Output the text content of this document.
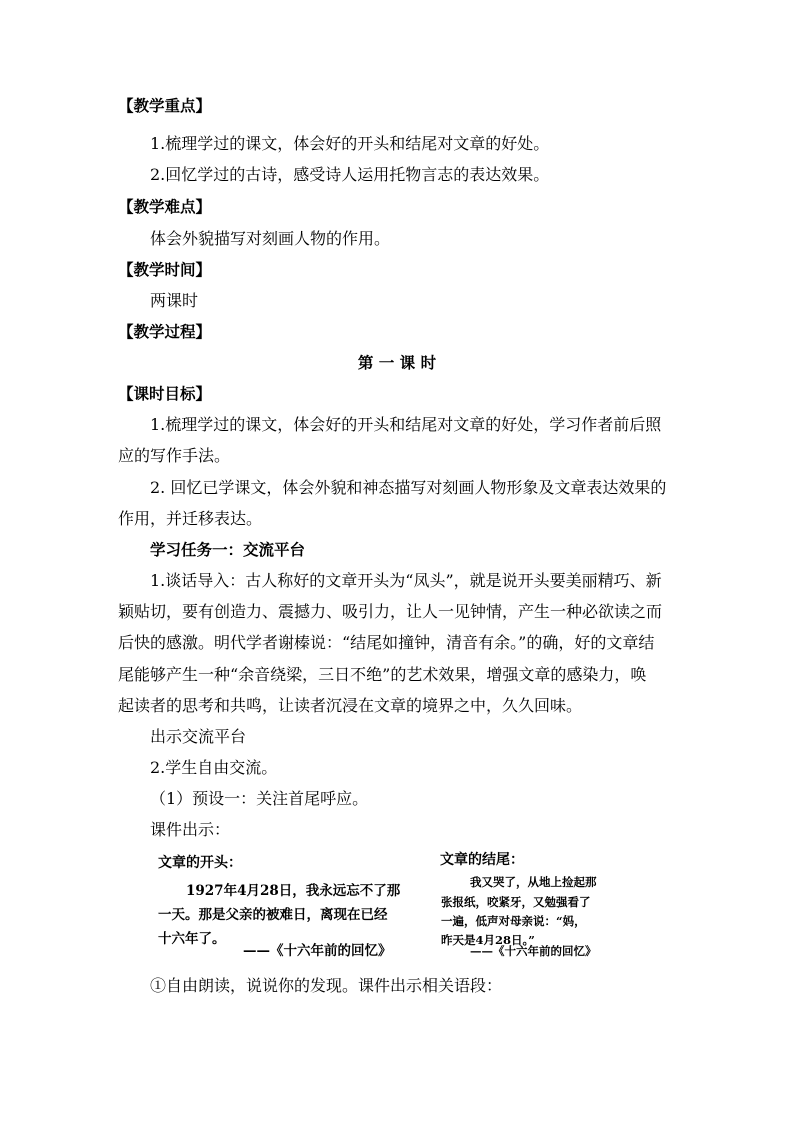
【教学重点】
1.梳理学过的课文，体会好的开头和结尾对文章的好处。
2.回忆学过的古诗，感受诗人运用托物言志的表达效果。
【教学难点】
体会外貌描写对刻画人物的作用。
【教学时间】
两课时
【教学过程】
第 一 课 时
【课时目标】
1.梳理学过的课文，体会好的开头和结尾对文章的好处，学习作者前后照
应的写作手法。
2. 回忆已学课文，体会外貌和神态描写对刻画人物形象及文章表达效果的
作用，并迁移表达。
学习任务一：交流平台
1.谈话导入：古人称好的文章开头为“凤头”，就是说开头要美丽精巧、新
颖贴切，要有创造力、震撼力、吸引力，让人一见钟情，产生一种必欲读之而
后快的感激。明代学者谢榛说：“结尾如撞钟，清音有余。”的确，好的文章结
尾能够产生一种“余音绕梁，三日不绝”的艺术效果，增强文章的感染力，唤
起读者的思考和共鸣，让读者沉浸在文章的境界之中，久久回味。
出示交流平台
2.学生自由交流。
（1）预设一：关注首尾呼应。
课件出示：
文章的开头：
1927年4月28日，我永远忘不了那
一天。那是父亲的被难日，离现在已经
十六年了。
——《十六年前的回忆》
文章的结尾：
我又哭了，从地上捡起那
张报纸，咬紧牙，又勉强看了
一遍，低声对母亲说：“妈，
昨天是4月28日。”
——《十六年前的回忆》
①自由朗读，说说你的发现。课件出示相关语段：
